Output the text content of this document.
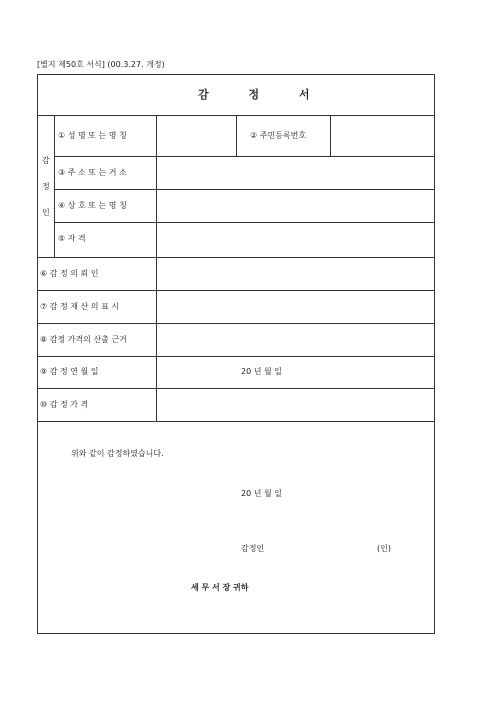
[별지 제50호 서식] (00.3.27. 개정)
감 정 서
감
정
인
① 성 명 또 는 명 칭	② 주민등록번호
③ 주 소 또 는 거 소
④ 상 호 또 는 명 칭
⑤ 자 격
⑥ 감 정 의 뢰 인
⑦ 감 정 재 산 의 표 시
⑧ 감정 가격의 산출 근거
⑨ 감 정 연 월 일
⑩ 감 정 가 격
20 년 월 일
위와 같이 감정하였습니다.
20 년 월 일
감정인	(인)
세 무 서 장 귀하
